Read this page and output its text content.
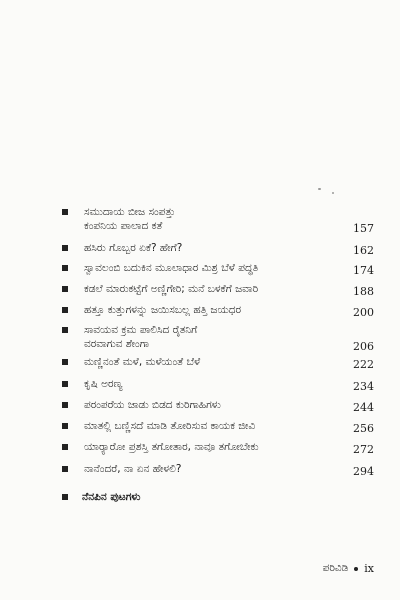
ಸಮುದಾಯ ಬೀಜ ಸಂಪತ್ತು
ಕಂಪನಿಯ ಪಾಲಾದ ಕತೆ	157
ಹಸಿರು ಗೊಬ್ಬರ ಏಕೆ? ಹೇಗೆ?	162
ಸ್ವಾವಲಂಬಿ ಬದುಕಿನ ಮೂಲಾಧಾರ ಮಿಶ್ರ ಬೆಳೆ ಪದ್ಧತಿ	174
ಕಡಲೆ ಮಾರುಕಟ್ಟೆಗೆ ಅಣ್ಣಿಗೇರಿ; ಮನೆ ಬಳಕೆಗೆ ಜವಾರಿ	188
ಹತ್ತೂ ಕುತ್ತುಗಳನ್ನು ಜಯಿಸಬಲ್ಲ ಹತ್ತಿ ಜಯಧರ	200
ಸಾವಯವ ಕ್ರಮ ಪಾಲಿಸಿದ ರೈತನಿಗೆ
ವರವಾಗುವ ಶೇಂಗಾ	206
ಮಣ್ಣಿನಂತೆ ಮಳೆ, ಮಳೆಯಂತೆ ಬೆಳೆ	222
ಕೃಷಿ ಅರಣ್ಯ	234
ಪರಂಪರೆಯ ಜಾಡು ಬಿಡದ ಕುರಿಗಾಹಿಗಳು	244
ಮಾತಲ್ಲಿ ಬಣ್ಣಿಸದೆ ಮಾಡಿ ತೋರಿಸುವ ಕಾಯಕ ಜೀವಿ	256
ಯಾರ್‍ಯಾರೋ ಪ್ರಶಸ್ತಿ ತಗೋತಾರ, ನಾವೂ ತಗೋಬೇಕು	272
ನಾನೆಂದರೆ, ನಾ ಏನ ಹೇಳಲಿ?	294
ನೆನಪಿನ ಪುಟಗಳು
ಪರಿವಿಡಿ ix
